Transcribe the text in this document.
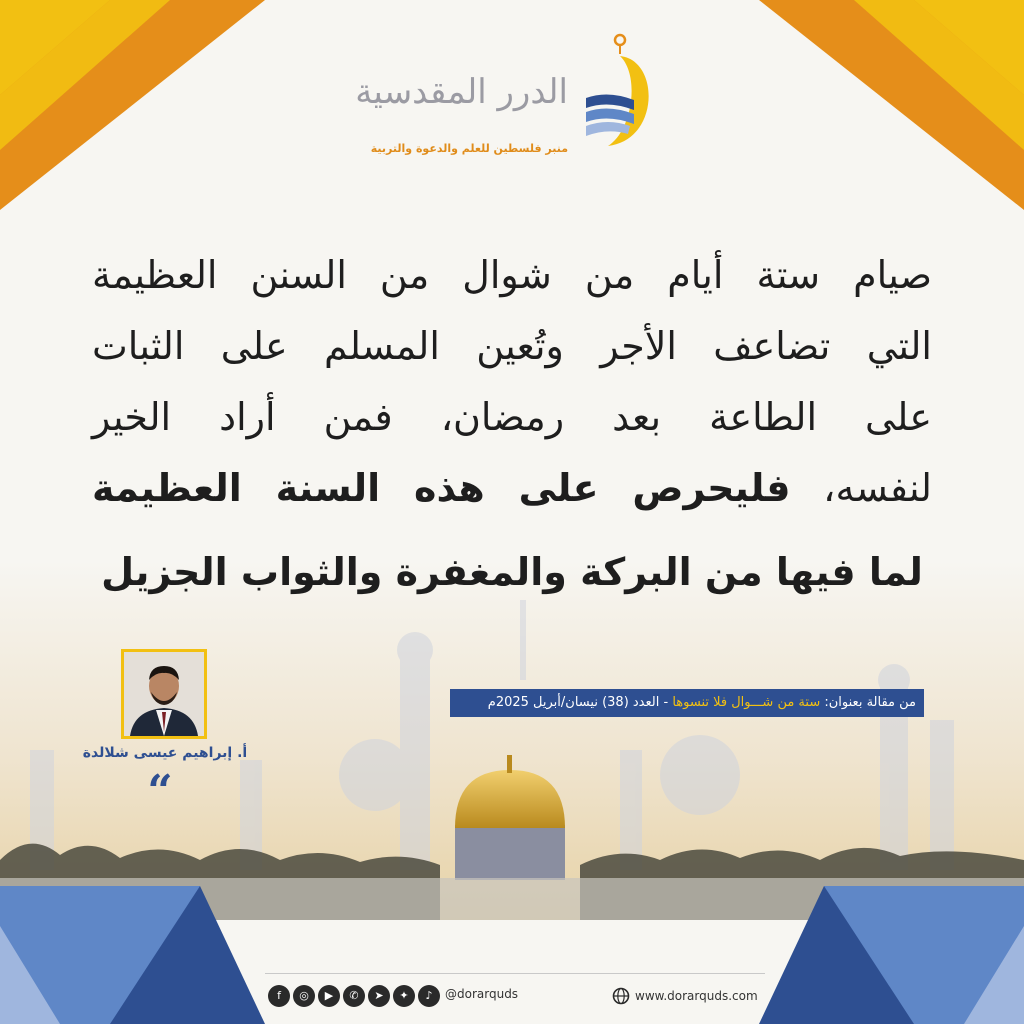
الدرر المقدسية
منبر فلسطين للعلم والدعوة والتربية
صيام ستة أيام من شوال من السنن العظيمة
التي تضاعف الأجر وتُعين المسلم على الثبات
على الطاعة بعد رمضان، فمن أراد الخير
لنفسه، فليحرص على هذه السنة العظيمة
لما فيها من البركة والمغفرة والثواب الجزيل
من مقالة بعنوان: ستة من شـــوال فلا تنسوها - العدد (38) نيسان/أبريل 2025م
أ. إبراهيم عيسى شلالدة
“
f	◎	▶	✆	➤	✦	♪	@dorarquds	www.dorarquds.com
